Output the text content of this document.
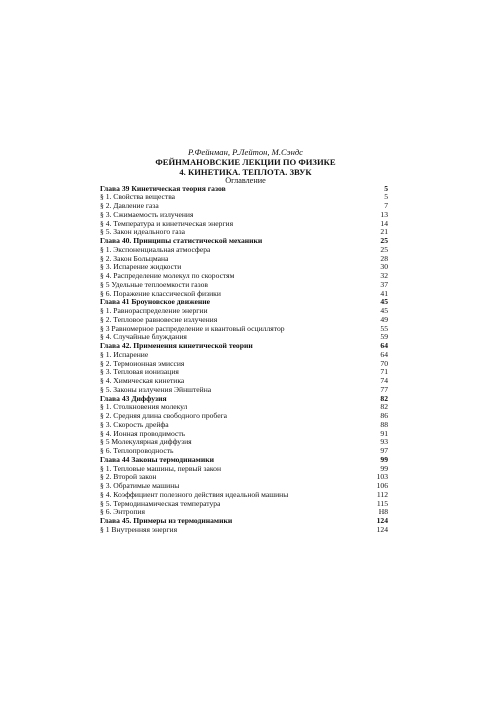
Р.Фейнман, Р.Лейтон, М.Сэндс
ФЕЙНМАНОВСКИЕ ЛЕКЦИИ ПО ФИЗИКЕ
4. КИНЕТИКА. ТЕПЛОТА. ЗВУК
Оглавление
Глава 39 Кинетическая теория газов	5
§ 1. Свойства вещества	5
§ 2. Давление газа	7
§ 3. Сжимаемость излучения	13
§ 4. Температура и кинетическая энергия	14
§ 5. Закон идеального газа	21
Глава 40. Принципы статистической механики	25
§ 1. Экспоненциальная атмосфера	25
§ 2. Закон Больцмана	28
§ 3. Испарение жидкости	30
§ 4. Распределение молекул по скоростям	32
§ 5 Удельные теплоемкости газов	37
§ 6. Поражение классической физики	41
Глава 41 Броуновское движение	45
§ 1. Равнораспределение энергии	45
§ 2. Тепловое равновесие излучения	49
§ 3 Равномерное распределение и квантовый осциллятор	55
§ 4. Случайные блуждания	59
Глава 42. Применения кинетической теории	64
§ 1. Испарение	64
§ 2. Термоионная эмиссия	70
§ 3. Тепловая ионизация	71
§ 4. Химическая кинетика	74
§ 5. Законы излучения Эйнштейна	77
Глава 43 Диффузия	82
§ 1. Столкновения молекул	82
§ 2. Средняя длина свободного пробега	86
§ 3. Скорость дрейфа	88
§ 4. Ионная проводимость	91
§ 5 Молекулярная диффузия	93
§ 6. Теплопроводность	97
Глава 44 Законы термодинамики	99
§ 1. Тепловые машины, первый закон	99
§ 2. Второй закон	103
§ 3. Обратимые машины	106
§ 4. Коэффициент полезного действия идеальной машины	112
§ 5. Термодинамическая температура	115
§ 6. Энтропия	H8
Глава 45. Примеры из термодинамики	124
§ 1 Внутренняя энергия	124
